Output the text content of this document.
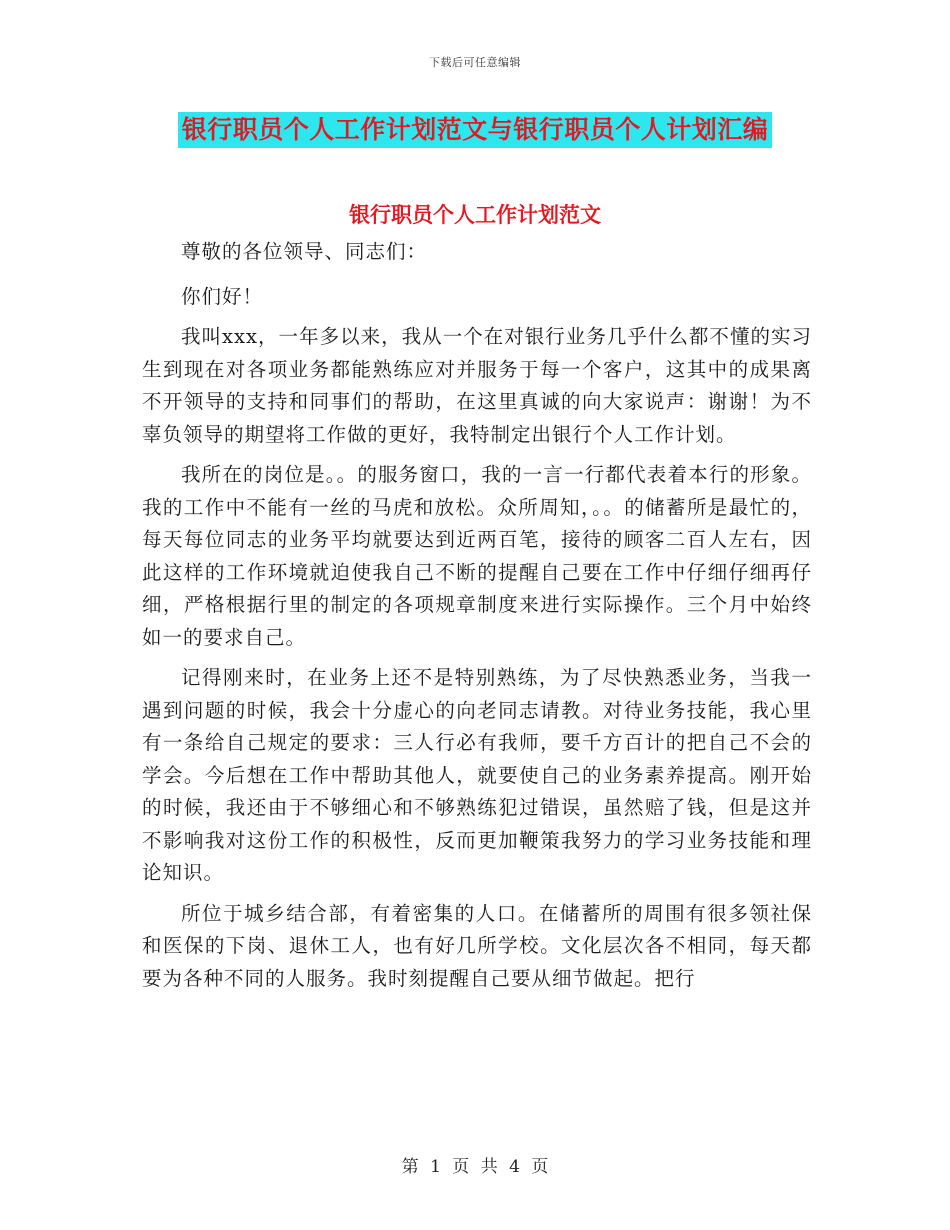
下载后可任意编辑
银行职员个人工作计划范文与银行职员个人计划汇编
银行职员个人工作计划范文

尊敬的各位领导、同志们：

你们好！

我叫xxx，一年多以来，我从一个在对银行业务几乎什么都不懂的实习生到现在对各项业务都能熟练应对并服务于每一个客户，这其中的成果离不开领导的支持和同事们的帮助，在这里真诚的向大家说声：谢谢！为不辜负领导的期望将工作做的更好，我特制定出银行个人工作计划。

我所在的岗位是。。的服务窗口，我的一言一行都代表着本行的形象。我的工作中不能有一丝的马虎和放松。众所周知，。。的储蓄所是最忙的，每天每位同志的业务平均就要达到近两百笔，接待的顾客二百人左右，因此这样的工作环境就迫使我自己不断的提醒自己要在工作中仔细仔细再仔细，严格根据行里的制定的各项规章制度来进行实际操作。三个月中始终如一的要求自己。

记得刚来时，在业务上还不是特别熟练，为了尽快熟悉业务，当我一遇到问题的时候，我会十分虚心的向老同志请教。对待业务技能，我心里有一条给自己规定的要求：三人行必有我师，要千方百计的把自己不会的学会。今后想在工作中帮助其他人，就要使自己的业务素养提高。刚开始的时候，我还由于不够细心和不够熟练犯过错误，虽然赔了钱，但是这并不影响我对这份工作的积极性，反而更加鞭策我努力的学习业务技能和理论知识。

所位于城乡结合部，有着密集的人口。在储蓄所的周围有很多领社保和医保的下岗、退休工人，也有好几所学校。文化层次各不相同，每天都要为各种不同的人服务。我时刻提醒自己要从细节做起。把行

第 1 页 共 4 页
